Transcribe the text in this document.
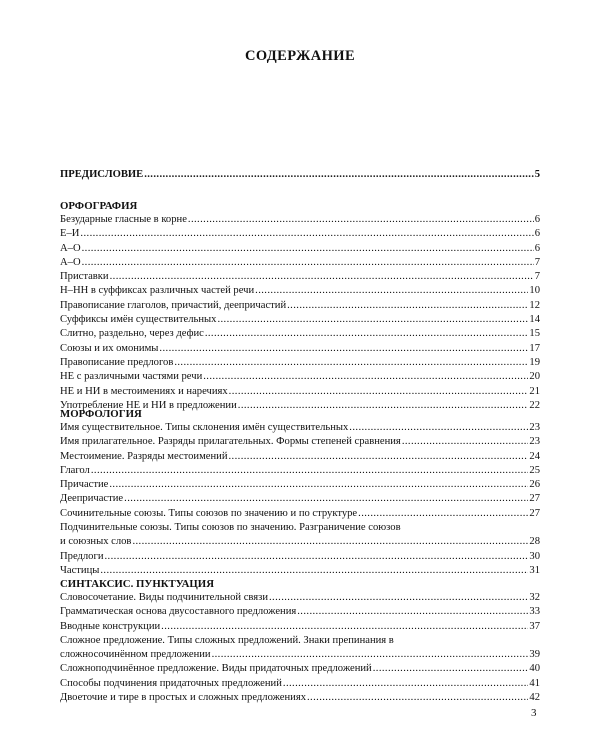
СОДЕРЖАНИЕ
ПРЕДИСЛОВИЕ .....	5
ОРФОГРАФИЯ
Безударные гласные в корне .....	6
Е–И .....	6
А–О .....	6
А–О .....	7
Приставки .....	7
Н–НН в суффиксах различных частей речи .....	10
Правописание глаголов, причастий, деепричастий .....	12
Суффиксы имён существительных .....	14
Слитно, раздельно, через дефис .....	15
Союзы и их омонимы .....	17
Правописание предлогов .....	19
НЕ с различными частями речи .....	20
НЕ и НИ в местоимениях и наречиях .....	21
Употребление НЕ и НИ в предложении .....	22
МОРФОЛОГИЯ
Имя существительное. Типы склонения имён существительных .....	23
Имя прилагательное. Разряды прилагательных. Формы степеней сравнения .....	23
Местоимение. Разряды местоимений .....	24
Глагол .....	25
Причастие .....	26
Деепричастие .....	27
Сочинительные союзы. Типы союзов по значению и по структуре .....	27
Подчинительные союзы. Типы союзов по значению. Разграничение союзов
и союзных слов .....	28
Предлоги .....	30
Частицы .....	31
СИНТАКСИС. ПУНКТУАЦИЯ
Словосочетание. Виды подчинительной связи .....	32
Грамматическая основа двусоставного предложения .....	33
Вводные конструкции .....	37
Сложное предложение. Типы сложных предложений. Знаки препинания в
сложносочинённом предложении .....	39
Сложноподчинённое предложение. Виды придаточных предложений .....	40
Способы подчинения придаточных предложений .....	41
Двоеточие и тире в простых и сложных предложениях .....	42
3
